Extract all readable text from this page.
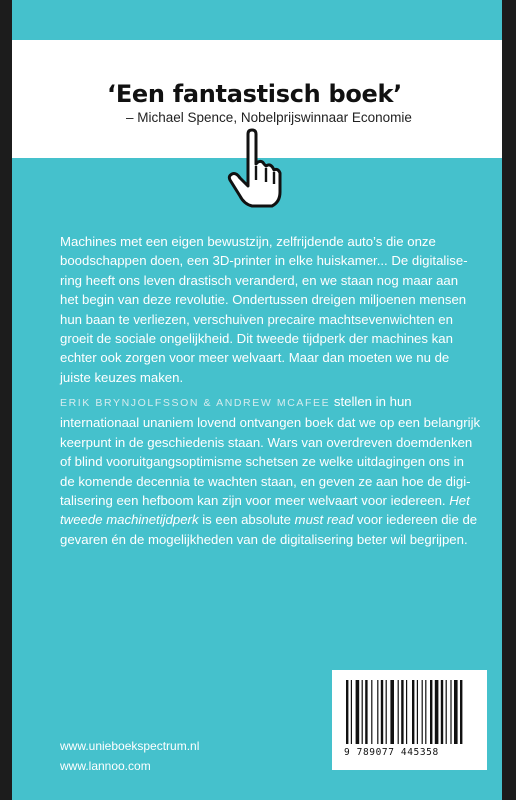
‘Een fantastisch boek’
– Michael Spence, Nobelprijswinnaar Economie

Machines met een eigen bewustzijn, zelfrijdende auto’s die onze

boodschappen doen, een 3D-printer in elke huiskamer... De digitalise-

ring heeft ons leven drastisch veranderd, en we staan nog maar aan

het begin van deze revolutie. Ondertussen dreigen miljoenen mensen

hun baan te verliezen, verschuiven precaire machtsevenwichten en

groeit de sociale ongelijkheid. Dit tweede tijdperk der machines kan

echter ook zorgen voor meer welvaart. Maar dan moeten we nu de

juiste keuzes maken.

ERIK BRYNJOLFSSON & ANDREW MCAFEE stellen in hun

internationaal unaniem lovend ontvangen boek dat we op een belangrijk

keerpunt in de geschiedenis staan. Wars van overdreven doemdenken

of blind vooruitgangsoptimisme schetsen ze welke uitdagingen ons in

de komende decennia te wachten staan, en geven ze aan hoe de digi-

talisering een hefboom kan zijn voor meer welvaart voor iedereen. Het

tweede machinetijdperk is een absolute must read voor iedereen die de

gevaren én de mogelijkheden van de digitalisering beter wil begrijpen.

www.unieboekspectrum.nl
www.lannoo.com
9 789077 445358
